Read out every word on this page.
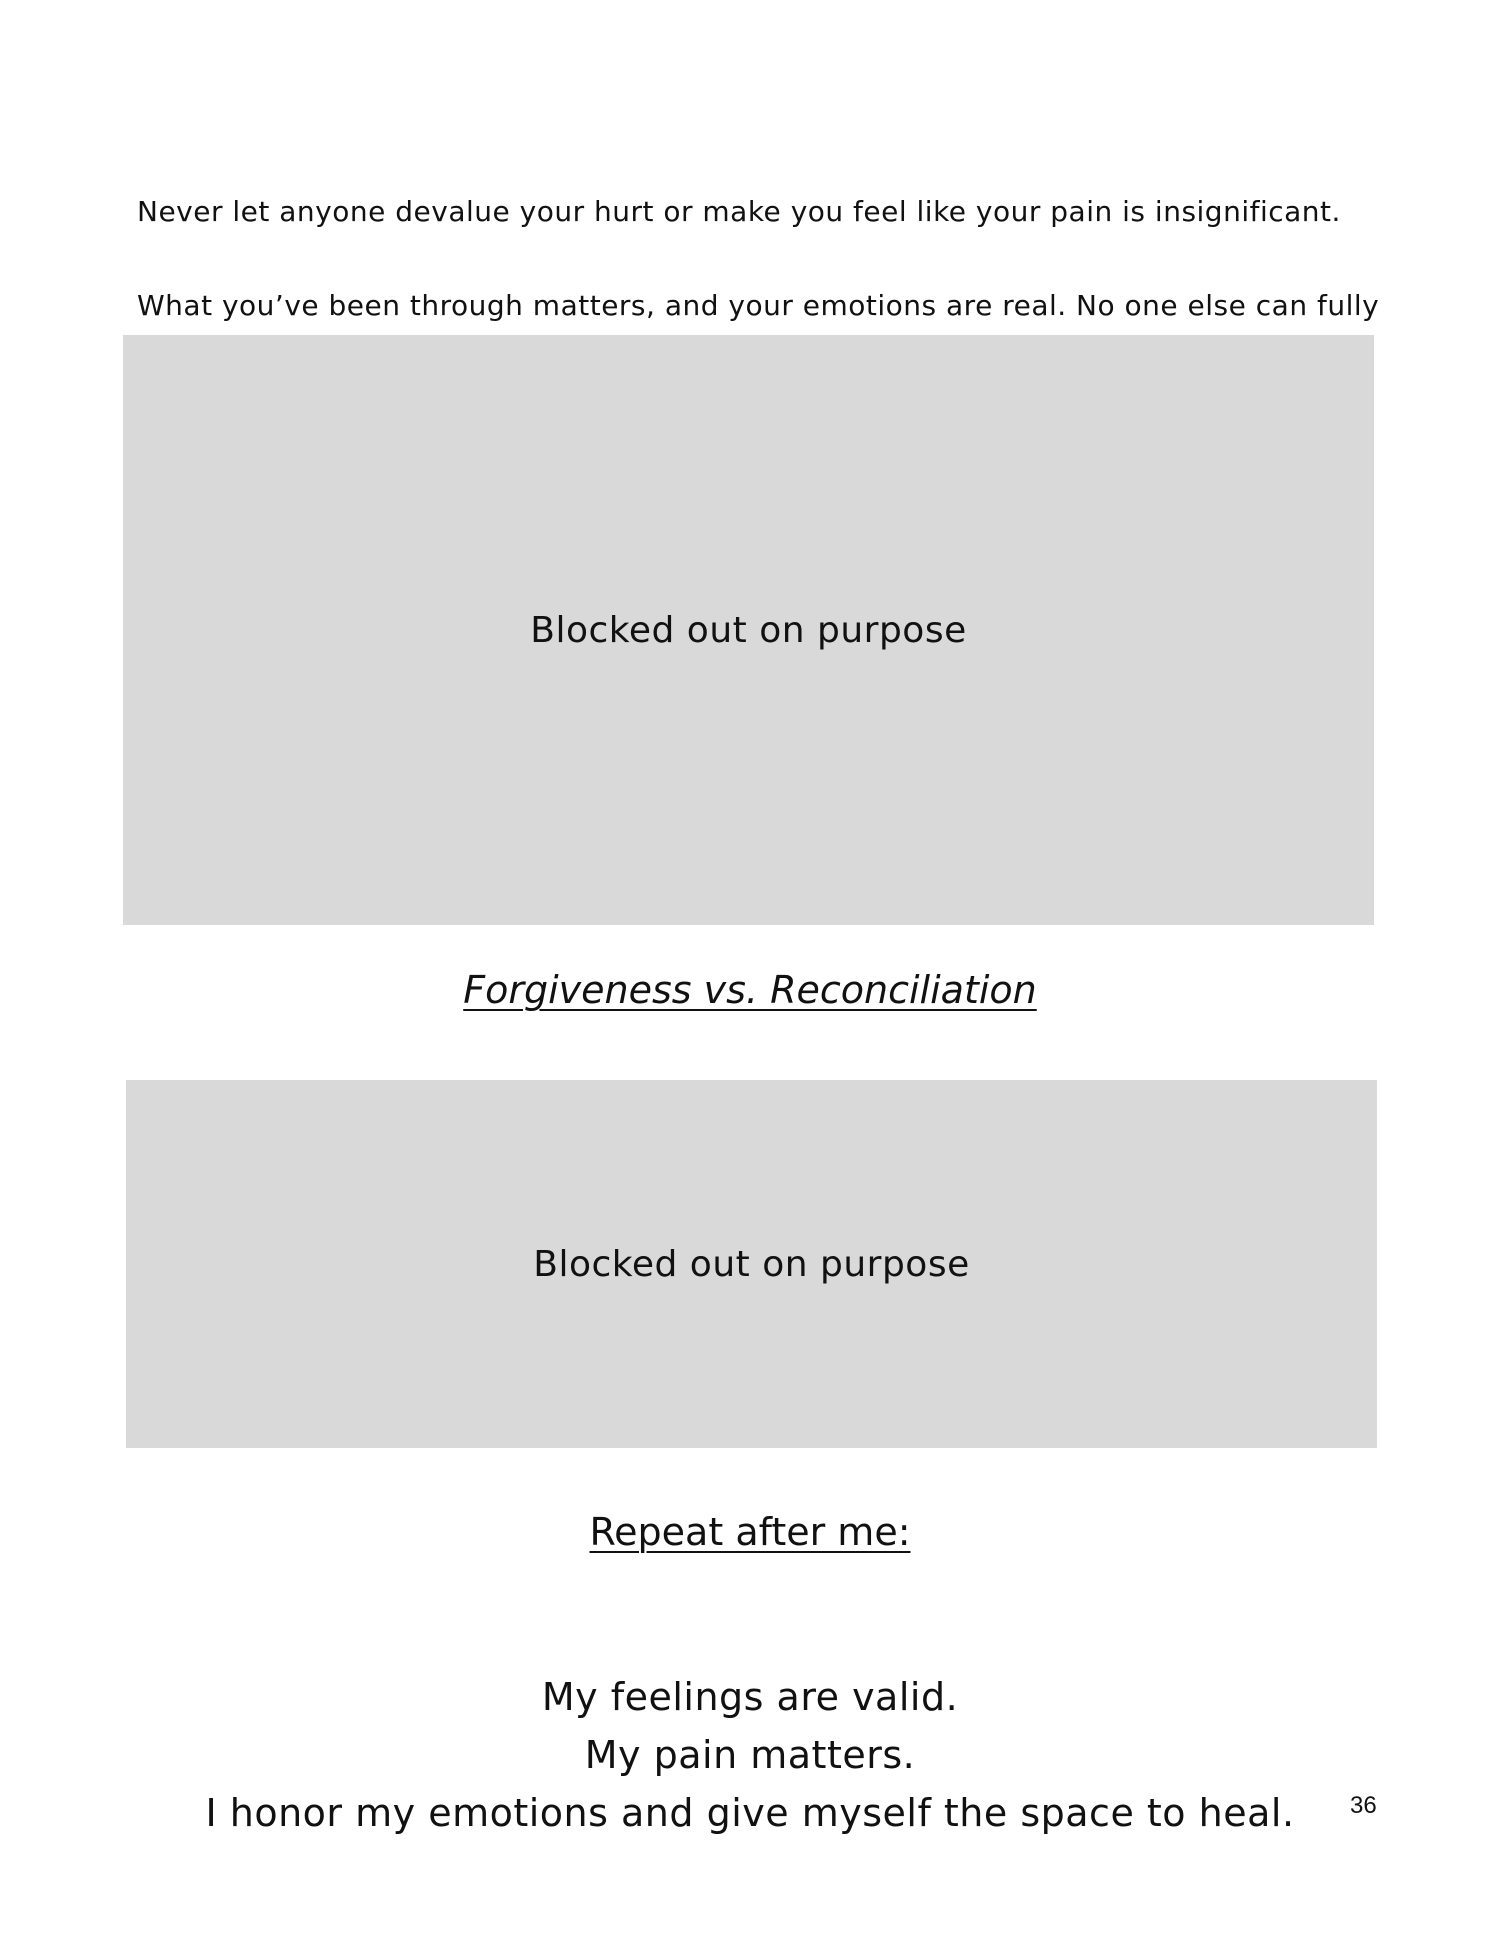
Never let anyone devalue your hurt or make you feel like your pain is insignificant.
What you’ve been through matters, and your emotions are real. No one else can fully
Blocked out on purpose
Forgiveness vs. Reconciliation
Blocked out on purpose
Repeat after me:
My feelings are valid.
My pain matters.
I honor my emotions and give myself the space to heal.	36
